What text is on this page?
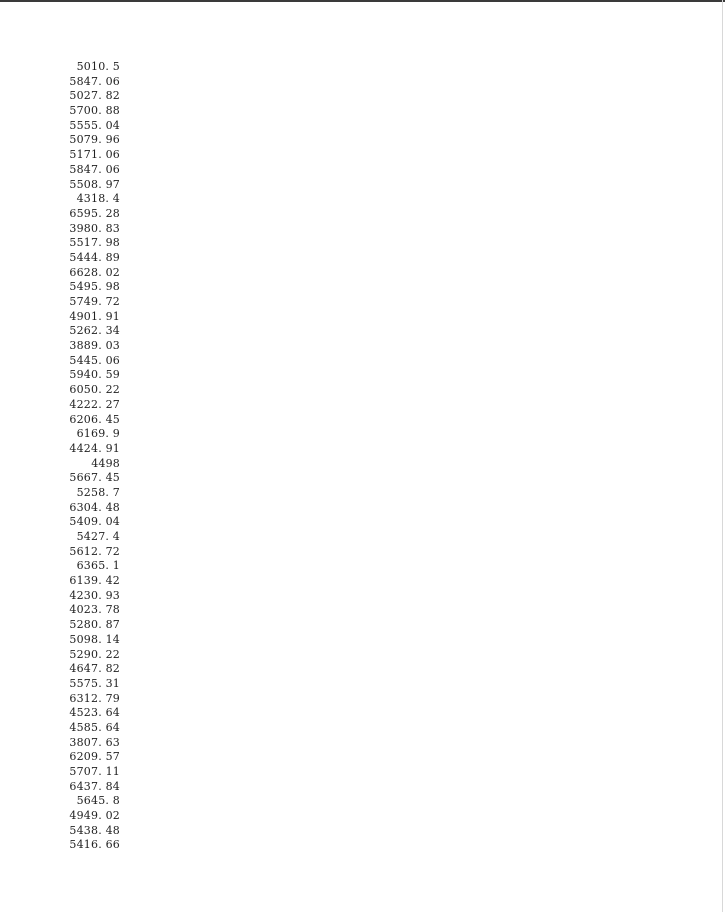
5010. 5
5847. 06
5027. 82
5700. 88
5555. 04
5079. 96
5171. 06
5847. 06
5508. 97
4318. 4
6595. 28
3980. 83
5517. 98
5444. 89
6628. 02
5495. 98
5749. 72
4901. 91
5262. 34
3889. 03
5445. 06
5940. 59
6050. 22
4222. 27
6206. 45
6169. 9
4424. 91
4498
5667. 45
5258. 7
6304. 48
5409. 04
5427. 4
5612. 72
6365. 1
6139. 42
4230. 93
4023. 78
5280. 87
5098. 14
5290. 22
4647. 82
5575. 31
6312. 79
4523. 64
4585. 64
3807. 63
6209. 57
5707. 11
6437. 84
5645. 8
4949. 02
5438. 48
5416. 66
